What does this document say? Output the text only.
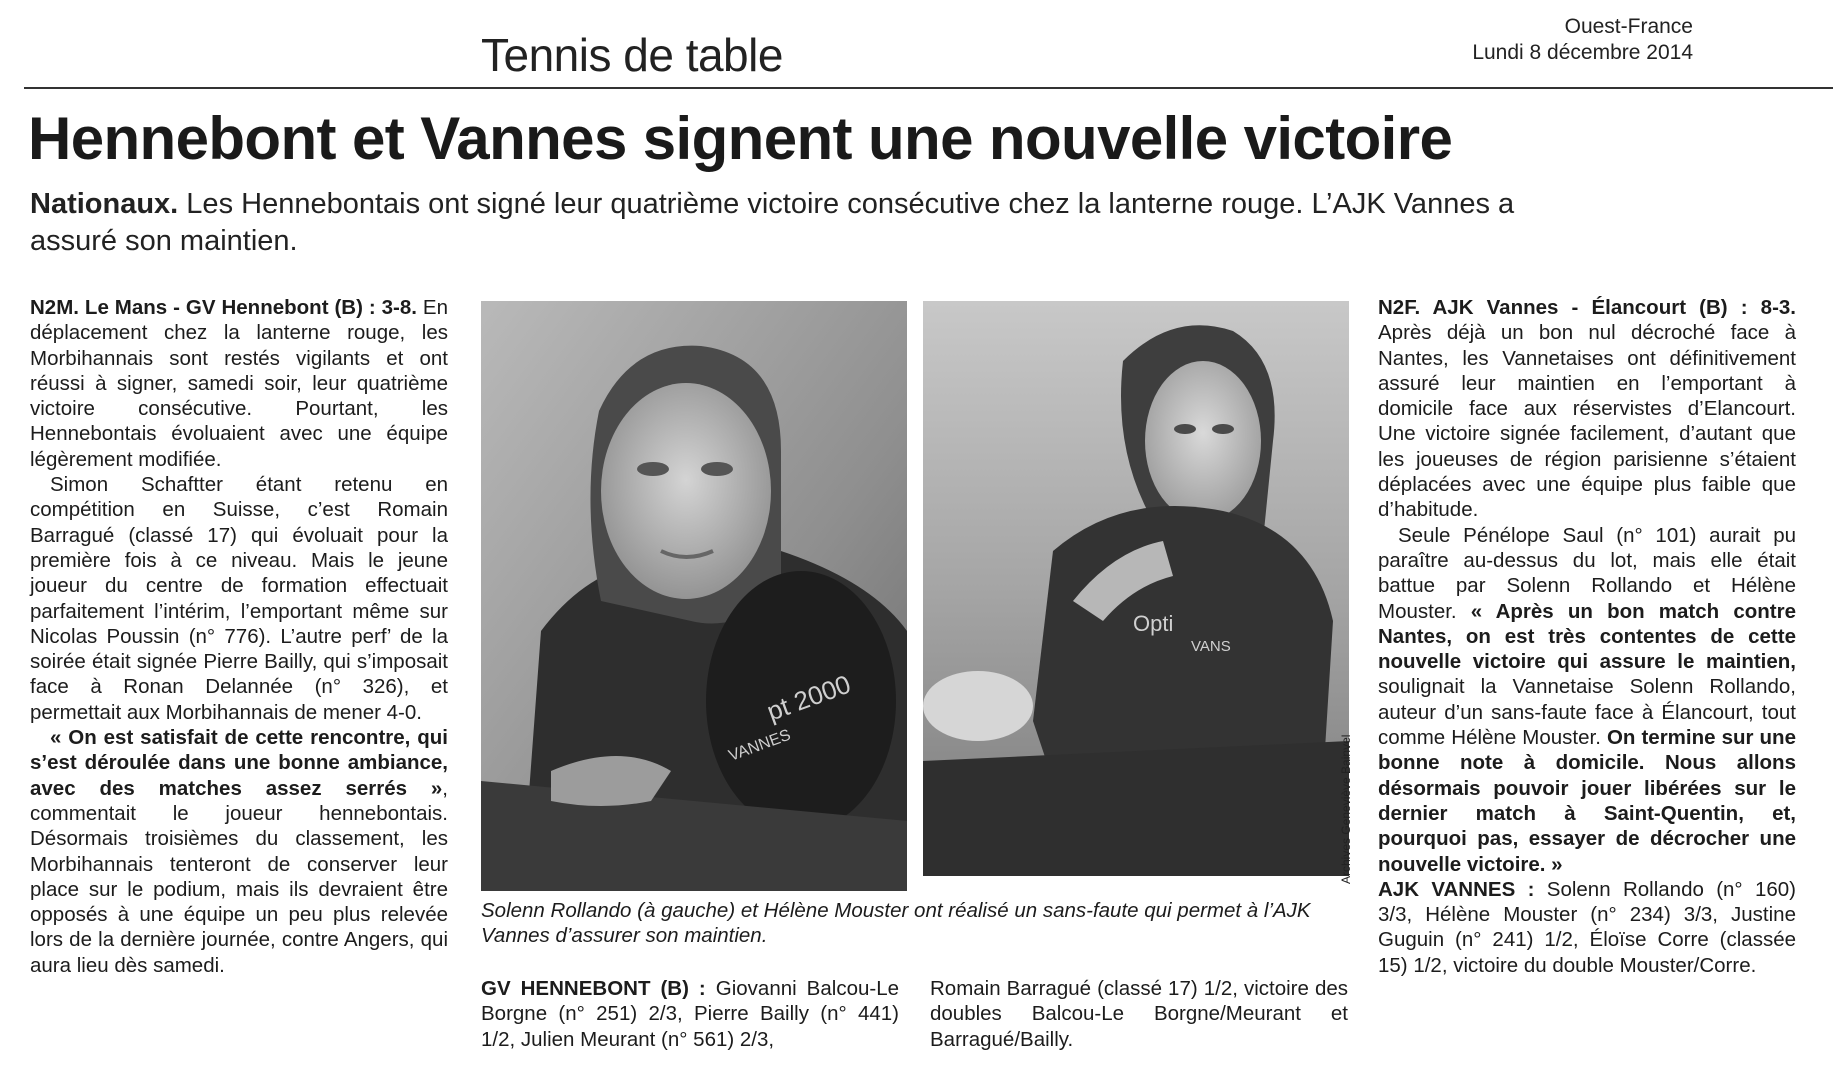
Tennis de table
Ouest-France
Lundi 8 décembre 2014
Hennebont et Vannes signent une nouvelle victoire
Nationaux. Les Hennebontais ont signé leur quatrième victoire consécutive chez la lanterne rouge. L’AJK Vannes a assuré son maintien.

N2M. Le Mans - GV Hennebont (B) : 3-8. En déplacement chez la lanterne rouge, les Morbihannais sont restés vigilants et ont réussi à signer, samedi soir, leur quatrième victoire consécutive. Pourtant, les Hennebontais évoluaient avec une équipe légèrement modifiée.

Simon Schaftter étant retenu en compétition en Suisse, c’est Romain Barragué (classé 17) qui évoluait pour la première fois à ce niveau. Mais le jeune joueur du centre de formation effectuait parfaitement l’intérim, l’emportant même sur Nicolas Poussin (n° 776). L’autre perf’ de la soirée était signée Pierre Bailly, qui s’imposait face à Ronan Delannée (n° 326), et permettait aux Morbihannais de mener 4-0.

« On est satisfait de cette rencontre, qui s’est déroulée dans une bonne ambiance, avec des matches assez serrés », commentait le joueur hennebontais. Désormais troisièmes du classement, les Morbihannais tenteront de conserver leur place sur le podium, mais ils devraient être opposés à une équipe un peu plus relevée lors de la dernière journée, contre Angers, qui aura lieu dès samedi.

pt 2000
VANNES
Opti
VANS
Archives Geneviève Bainvel
Solenn Rollando (à gauche) et Hélène Mouster ont réalisé un sans-faute qui permet à l’AJK Vannes d’assurer son maintien.
GV HENNEBONT (B) : Giovanni Balcou-Le Borgne (n° 251) 2/3, Pierre Bailly (n° 441) 1/2, Julien Meurant (n° 561) 2/3,
Romain Barragué (classé 17) 1/2, victoire des doubles Balcou-Le Borgne/Meurant et Barragué/Bailly.

N2F. AJK Vannes - Élancourt (B) : 8-3. Après déjà un bon nul décroché face à Nantes, les Vannetaises ont définitivement assuré leur maintien en l’emportant à domicile face aux réservistes d’Elancourt. Une victoire signée facilement, d’autant que les joueuses de région parisienne s’étaient déplacées avec une équipe plus faible que d’habitude.

Seule Pénélope Saul (n° 101) aurait pu paraître au-dessus du lot, mais elle était battue par Solenn Rollando et Hélène Mouster. « Après un bon match contre Nantes, on est très contentes de cette nouvelle victoire qui assure le maintien, soulignait la Vannetaise Solenn Rollando, auteur d’un sans-faute face à Élancourt, tout comme Hélène Mouster. On termine sur une bonne note à domicile. Nous allons désormais pouvoir jouer libérées sur le dernier match à Saint-Quentin, et, pourquoi pas, essayer de décrocher une nouvelle victoire. »

AJK VANNES : Solenn Rollando (n° 160) 3/3, Hélène Mouster (n° 234) 3/3, Justine Guguin (n° 241) 1/2, Éloïse Corre (classée 15) 1/2, victoire du double Mouster/Corre.
